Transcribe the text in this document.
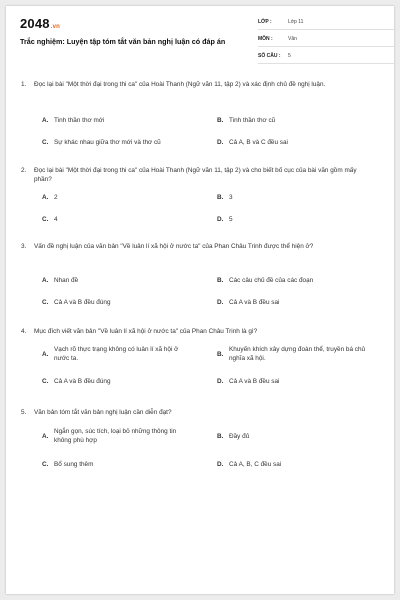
2048.vn
Trắc nghiệm: Luyện tập tóm tắt văn bản nghị luận có đáp án
LỚP :	Lớp 11
MÔN :	Văn
SỐ CÂU : 5
1. Đọc lại bài "Một thời đại trong thi ca" của Hoài Thanh (Ngữ văn 11, tập 2) và xác định chủ đề nghị luận.
A. Tinh thần thơ mới	B. Tinh thần thơ cũ
C. Sự khác nhau giữa thơ mới và thơ cũ	D. Cả A, B và C đều sai
2. Đọc lại bài "Một thời đại trong thi ca" của Hoài Thanh (Ngữ văn 11, tập 2) và cho biết bố cục của bài văn gồm mấy phần?
A. 2	B. 3
C. 4	D. 5
3. Vấn đề nghị luận của văn bản "Về luân lí xã hội ở nước ta" của Phan Châu Trinh được thể hiện ở?
A. Nhan đề	B. Các câu chủ đề của các đoạn
C. Cả A và B đều đúng	D. Cả A và B đều sai
4. Mục đích viết văn bản "Về luân lí xã hội ở nước ta" của Phan Châu Trinh là gì?
A.
Vạch rõ thực trạng không có luân lí xã hội ở nước ta.
B.
Khuyến khích xây dựng đoàn thể, truyền bá chủ nghĩa xã hội.
C. Cả A và B đều đúng	D. Cả A và B đều sai
5. Văn bản tóm tắt văn bản nghị luận cần diễn đạt?
A.
Ngắn gọn, súc tích, loại bỏ những thông tin không phù hợp
B. Đầy đủ
C. Bổ sung thêm	D. Cả A, B, C đều sai
